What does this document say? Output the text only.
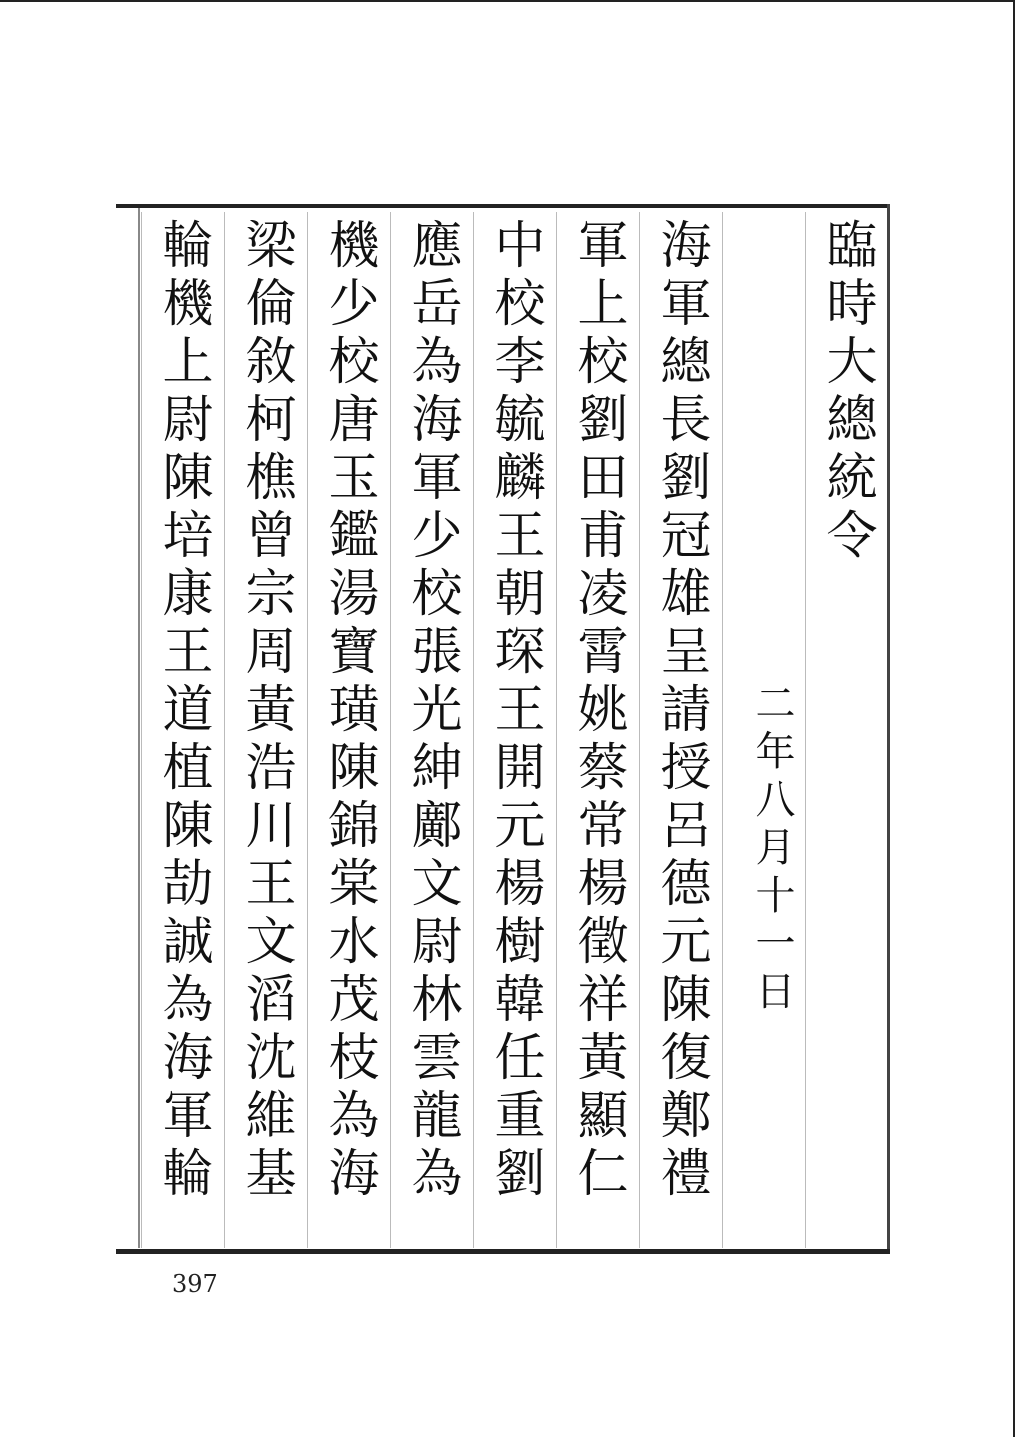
臨時大總統令
二年八月十一日
海軍總長劉冠雄呈請授呂德元陳復鄭禮
軍上校劉田甫凌霄姚蔡常楊徵祥黃顯仁
中校李毓麟王朝琛王開元楊樹韓任重劉
應岳為海軍少校張光紳鄺文尉林雲龍為
機少校唐玉鑑湯寶璜陳錦棠水茂枝為海
梁倫敘柯樵曾宗周黃浩川王文滔沈維基
輪機上尉陳培康王道植陳劼誠為海軍輪
397
